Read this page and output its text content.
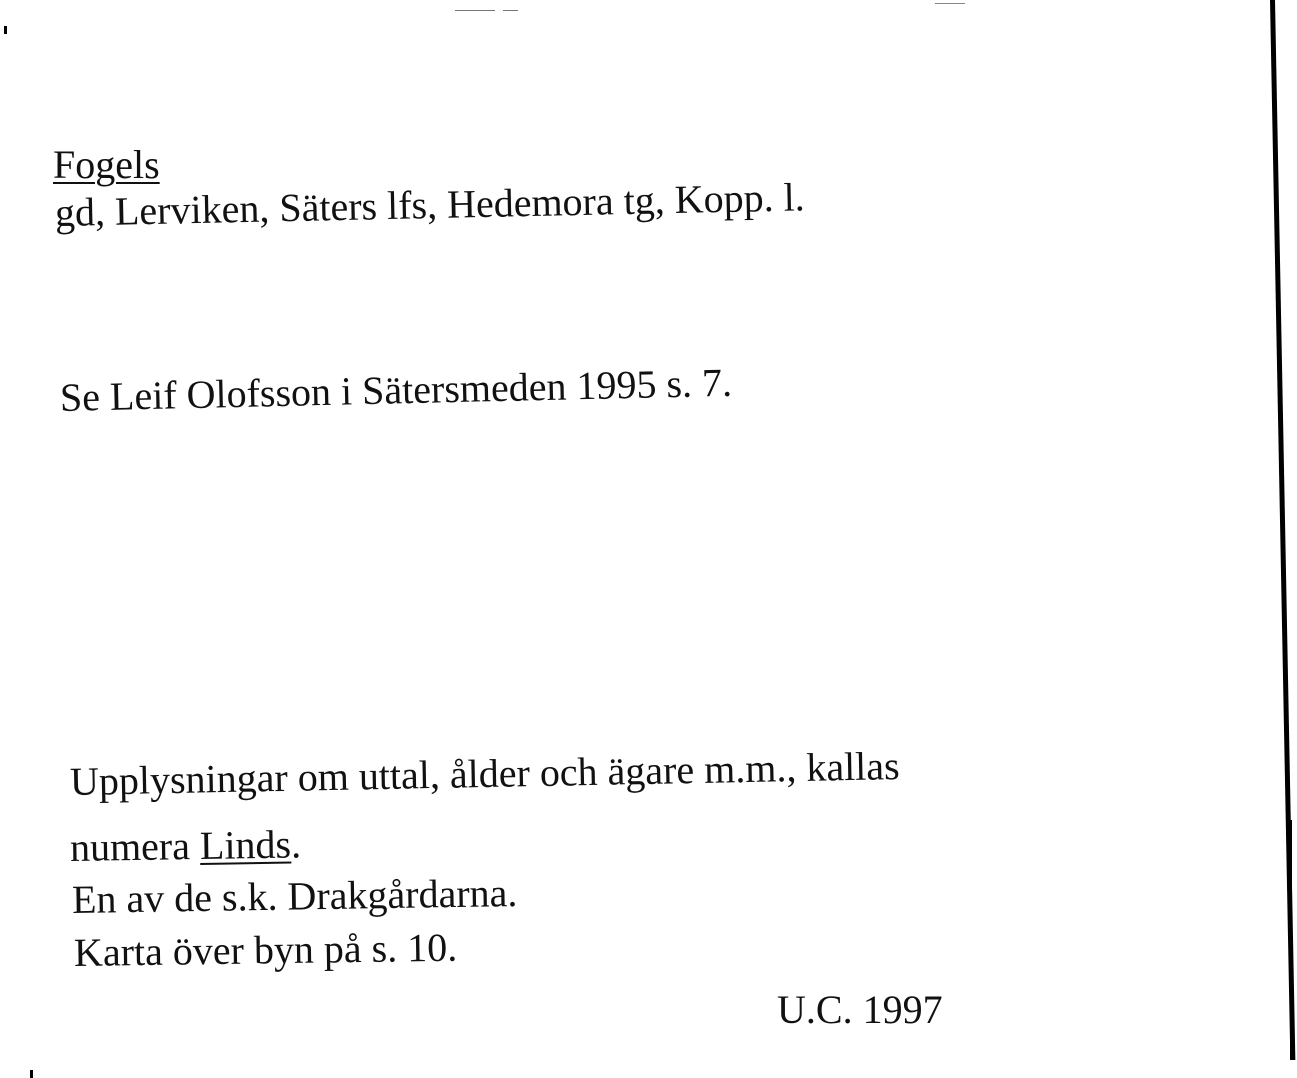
Fogels
gd, Lerviken, Säters lfs, Hedemora tg, Kopp. l.
Se Leif Olofsson i Sätersmeden 1995 s. 7.
Upplysningar om uttal, ålder och ägare m.m., kallas
numera Linds.
En av de s.k. Drakgårdarna.
Karta över byn på s. 10.
U.C. 1997
